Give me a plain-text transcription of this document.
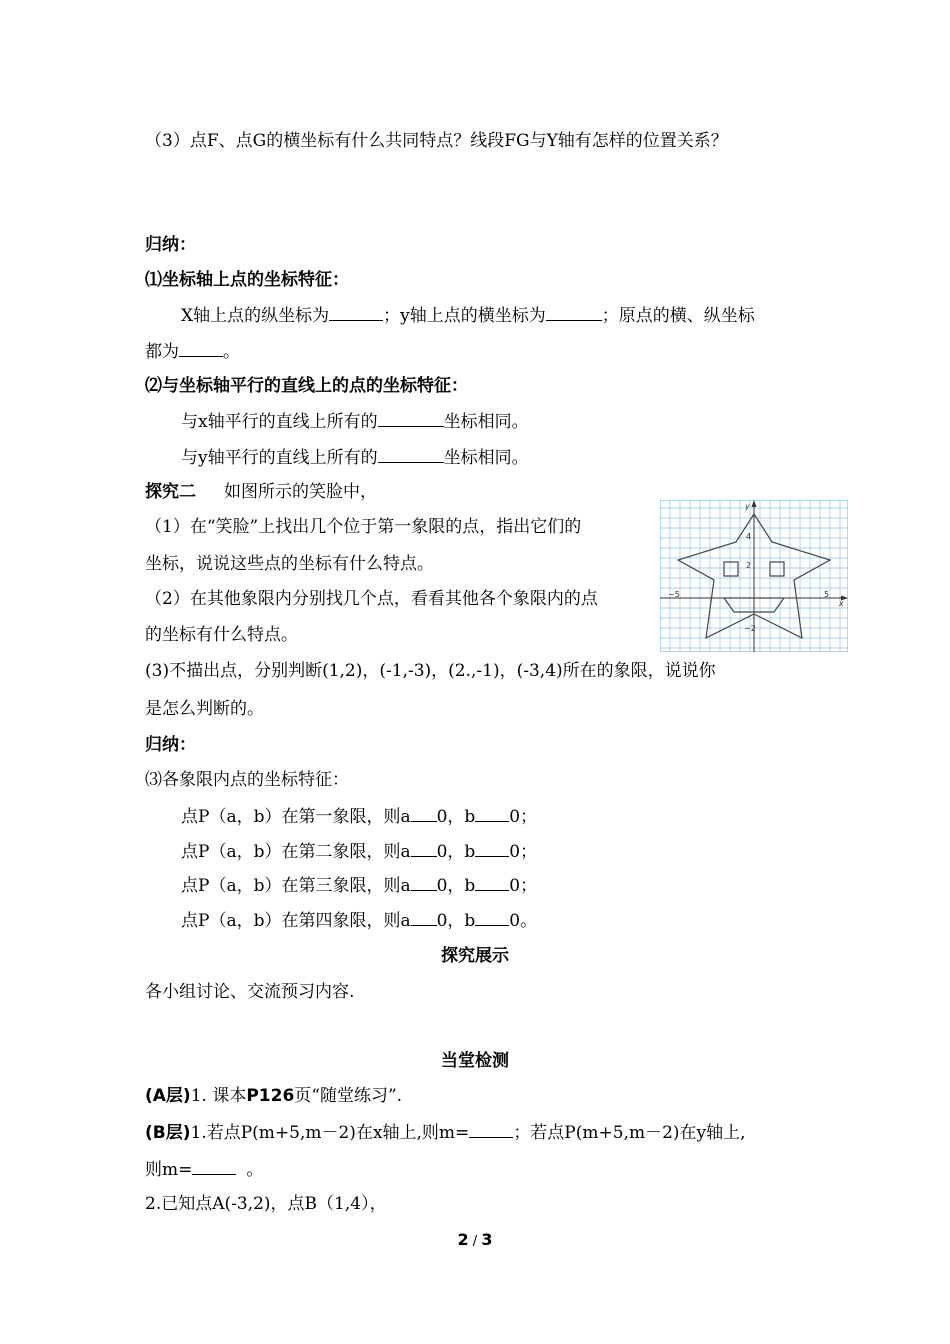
（3）点F、点G的横坐标有什么共同特点？线段FG与Y轴有怎样的位置关系？
归纳：
⑴坐标轴上点的坐标特征：
X轴上点的纵坐标为	；y轴上点的横坐标为	；原点的横、纵坐标
都为	。
⑵与坐标轴平行的直线上的点的坐标特征：
与x轴平行的直线上所有的	坐标相同。
与y轴平行的直线上所有的	坐标相同。
探究二 如图所示的笑脸中，
（1）在“笑脸”上找出几个位于第一象限的点，指出它们的
坐标，说说这些点的坐标有什么特点。
（2）在其他象限内分别找几个点，看看其他各个象限内的点
的坐标有什么特点。
(3)不描出点，分别判断(1,2)，(-1,-3)，(2.,-1)，(-3,4)所在的象限，说说你
是怎么判断的。
y
x
4
2
−5	5
−2
归纳：
⑶各象限内点的坐标特征：
点P（a，b）在第一象限，则a 0，b 0；
点P（a，b）在第二象限，则a 0，b 0；
点P（a，b）在第三象限，则a 0，b 0；
点P（a，b）在第四象限，则a 0，b 0。
探究展示
各小组讨论、交流预习内容.
当堂检测
(A层)1. 课本P126页“随堂练习”.
(B层)1.若点P(m+5,m－2)在x轴上,则m=	；若点P(m+5,m－2)在y轴上,
则m=	。
2.已知点A(-3,2)，点B（1,4），
2 / 3
